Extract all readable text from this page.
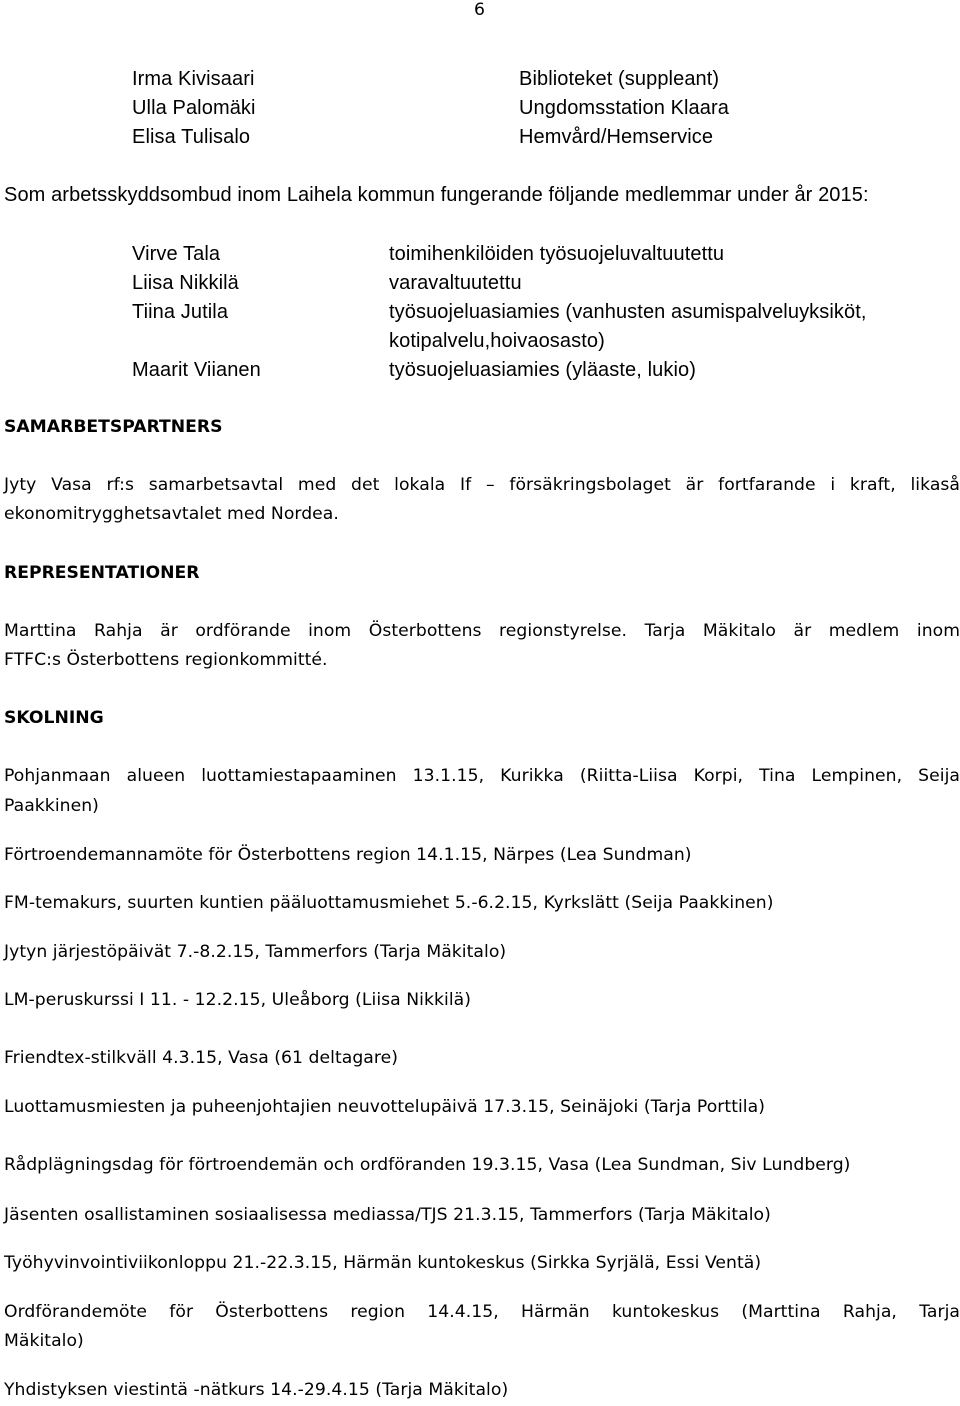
6
Irma Kivisaari	Biblioteket (suppleant)
Ulla Palomäki	Ungdomsstation Klaara
Elisa Tulisalo	Hemvård/Hemservice
Som arbetsskyddsombud inom Laihela kommun fungerande följande medlemmar under år 2015:
Virve Tala	toimihenkilöiden työsuojeluvaltuutettu
Liisa Nikkilä	varavaltuutettu
Tiina Jutila	työsuojeluasiamies (vanhusten asumispalveluyksiköt,
kotipalvelu,hoivaosasto)
Maarit Viianen	työsuojeluasiamies (yläaste, lukio)
SAMARBETSPARTNERS
Jyty Vasa rf:s samarbetsavtal med det lokala If – försäkringsbolaget är fortfarande i kraft, likaså
ekonomitrygghetsavtalet med Nordea.
REPRESENTATIONER
Marttina Rahja är ordförande inom Österbottens regionstyrelse. Tarja Mäkitalo är medlem inom
FTFC:s Österbottens regionkommitté.
SKOLNING
Pohjanmaan alueen luottamiestapaaminen 13.1.15, Kurikka (Riitta-Liisa Korpi, Tina Lempinen, Seija
Paakkinen)
Förtroendemannamöte för Österbottens region 14.1.15, Närpes (Lea Sundman)
FM-temakurs, suurten kuntien pääluottamusmiehet 5.-6.2.15, Kyrkslätt (Seija Paakkinen)
Jytyn järjestöpäivät 7.-8.2.15, Tammerfors (Tarja Mäkitalo)
LM-peruskurssi I 11. - 12.2.15, Uleåborg (Liisa Nikkilä)
Friendtex-stilkväll 4.3.15, Vasa (61 deltagare)
Luottamusmiesten ja puheenjohtajien neuvottelupäivä 17.3.15, Seinäjoki (Tarja Porttila)
Rådplägningsdag för förtroendemän och ordföranden 19.3.15, Vasa (Lea Sundman, Siv Lundberg)
Jäsenten osallistaminen sosiaalisessa mediassa/TJS 21.3.15, Tammerfors (Tarja Mäkitalo)
Työhyvinvointiviikonloppu 21.-22.3.15, Härmän kuntokeskus (Sirkka Syrjälä, Essi Ventä)
Ordförandemöte för Österbottens region 14.4.15, Härmän kuntokeskus (Marttina Rahja, Tarja
Mäkitalo)
Yhdistyksen viestintä -nätkurs 14.-29.4.15 (Tarja Mäkitalo)
